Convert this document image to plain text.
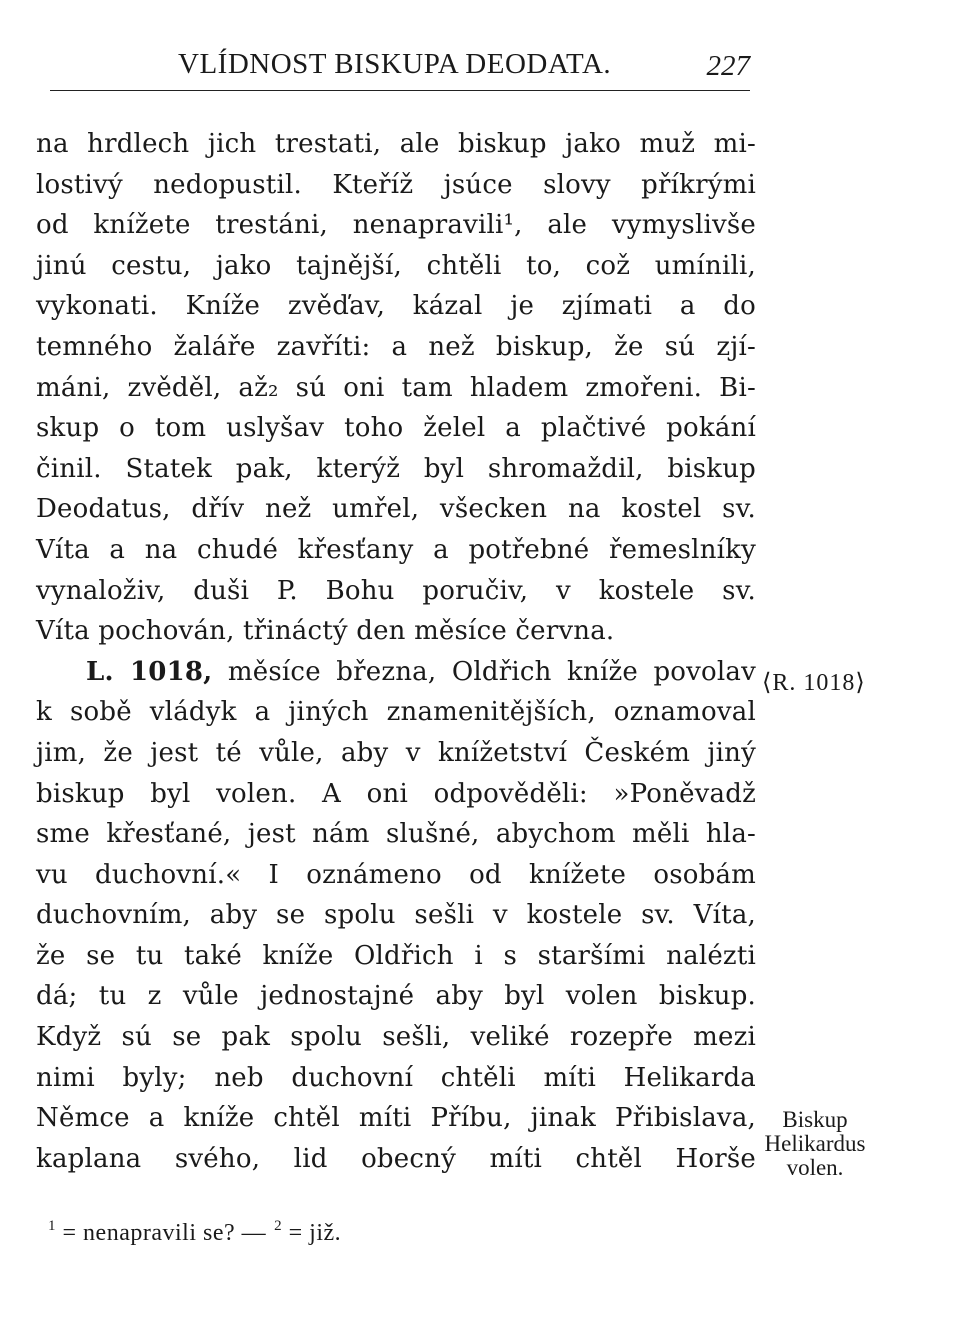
VLÍDNOST BISKUPA DEODATA.	227
na hrdlech jich trestati, ale biskup jako muž mi-
lostivý nedopustil. Kteříž jsúce slovy příkrými
od knížete trestáni, nenapravili¹, ale vymyslivše
jinú cestu, jako tajnější, chtěli to, což umínili,
vykonati. Kníže zvěďav, kázal je zjímati a do
temného žaláře zavříti: a než biskup, že sú zjí-
máni, zvěděl, až₂ sú oni tam hladem zmořeni. Bi-
skup o tom uslyšav toho želel a plačtivé pokání
činil. Statek pak, kterýž byl shromaždil, biskup
Deodatus, dřív než umřel, všecken na kostel sv.
Víta a na chudé křesťany a potřebné řemeslníky
vynaloživ, duši P. Bohu poručiv, v kostele sv.
Víta pochován, třináctý den měsíce června.
L. 1018, měsíce března, Oldřich kníže povolav
k sobě vládyk a jiných znamenitějších, oznamoval
jim, že jest té vůle, aby v knížetství Českém jiný
biskup byl volen. A oni odpověděli: »Poněvadž
sme křesťané, jest nám slušné, abychom měli hla-
vu duchovní.« I oznámeno od knížete osobám
duchovním, aby se spolu sešli v kostele sv. Víta,
že se tu také kníže Oldřich i s staršími nalézti
dá; tu z vůle jednostajné aby byl volen biskup.
Když sú se pak spolu sešli, veliké rozepře mezi
nimi byly; neb duchovní chtěli míti Helikarda
Němce a kníže chtěl míti Příbu, jinak Přibislava,
kaplana svého, lid obecný míti chtěl Horše
⟨R. 1018⟩
Biskup
Helikardus
volen.
$^1$ = nenapravili se? — $^2$ = již.
